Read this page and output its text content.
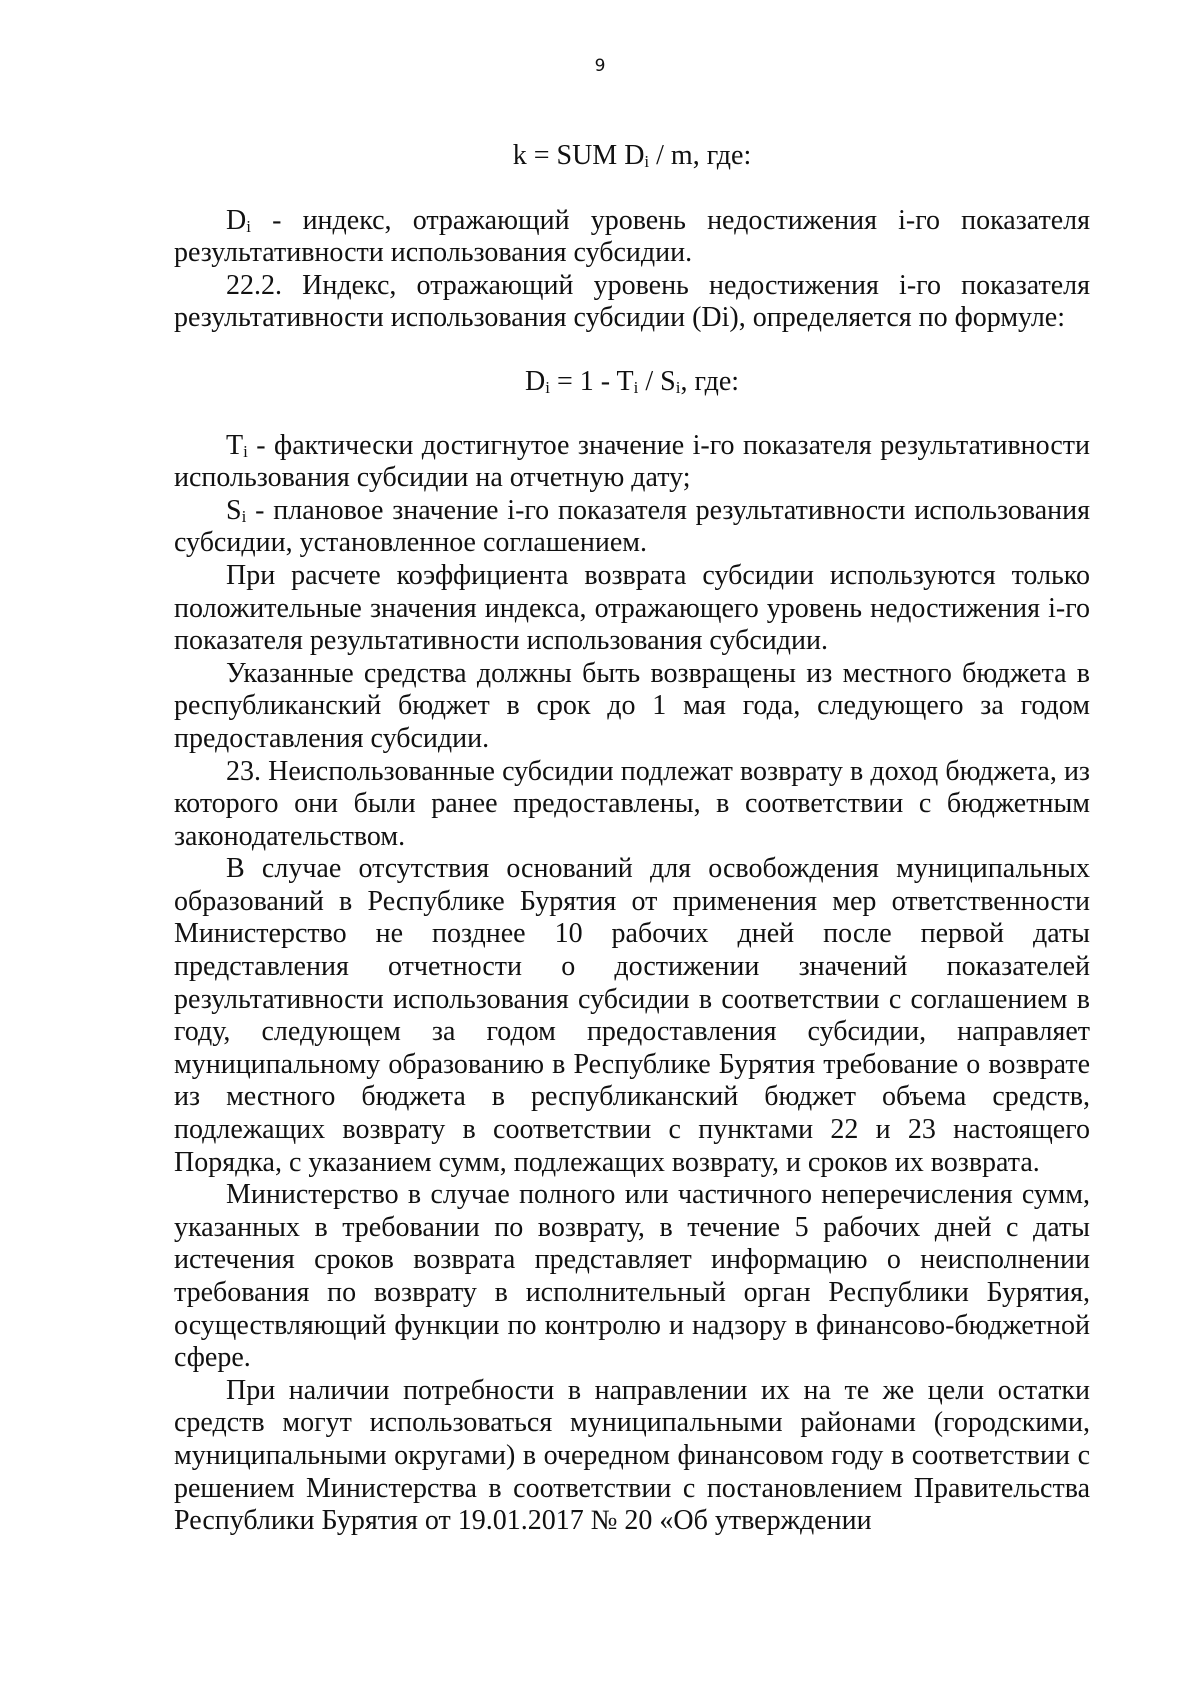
9

k = SUM $D_i$ / m, где:

$D_i$ - индекс, отражающий уровень недостижения i-го показателя результативности использования субсидии.

22.2. Индекс, отражающий уровень недостижения i-го показателя результативности использования субсидии (Di), определяется по формуле:

$D_i = 1 - T_i / S_i$, где:

$T_i$ - фактически достигнутое значение i-го показателя результативности использования субсидии на отчетную дату;

$S_i$ - плановое значение i-го показателя результативности использования субсидии, установленное соглашением.

При расчете коэффициента возврата субсидии используются только положительные значения индекса, отражающего уровень недостижения i-го показателя результативности использования субсидии.

Указанные средства должны быть возвращены из местного бюджета в республиканский бюджет в срок до 1 мая года, следующего за годом предоставления субсидии.

23. Неиспользованные субсидии подлежат возврату в доход бюджета, из которого они были ранее предоставлены, в соответствии с бюджетным законодательством.

В случае отсутствия оснований для освобождения муниципальных образований в Республике Бурятия от применения мер ответственности Министерство не позднее 10 рабочих дней после первой даты представления отчетности о достижении значений показателей результативности использования субсидии в соответствии с соглашением в году, следующем за годом предоставления субсидии, направляет муниципальному образованию в Республике Бурятия требование о возврате из местного бюджета в республиканский бюджет объема средств, подлежащих возврату в соответствии с пунктами 22 и 23 настоящего Порядка, с указанием сумм, подлежащих возврату, и сроков их возврата.

Министерство в случае полного или частичного неперечисления сумм, указанных в требовании по возврату, в течение 5 рабочих дней с даты истечения сроков возврата представляет информацию о неисполнении требования по возврату в исполнительный орган Республики Бурятия, осуществляющий функции по контролю и надзору в финансово-бюджетной сфере.

При наличии потребности в направлении их на те же цели остатки средств могут использоваться муниципальными районами (городскими, муниципальными округами) в очередном финансовом году в соответствии с решением Министерства в соответствии с постановлением Правительства Республики Бурятия от 19.01.2017 № 20 «Об утверждении
